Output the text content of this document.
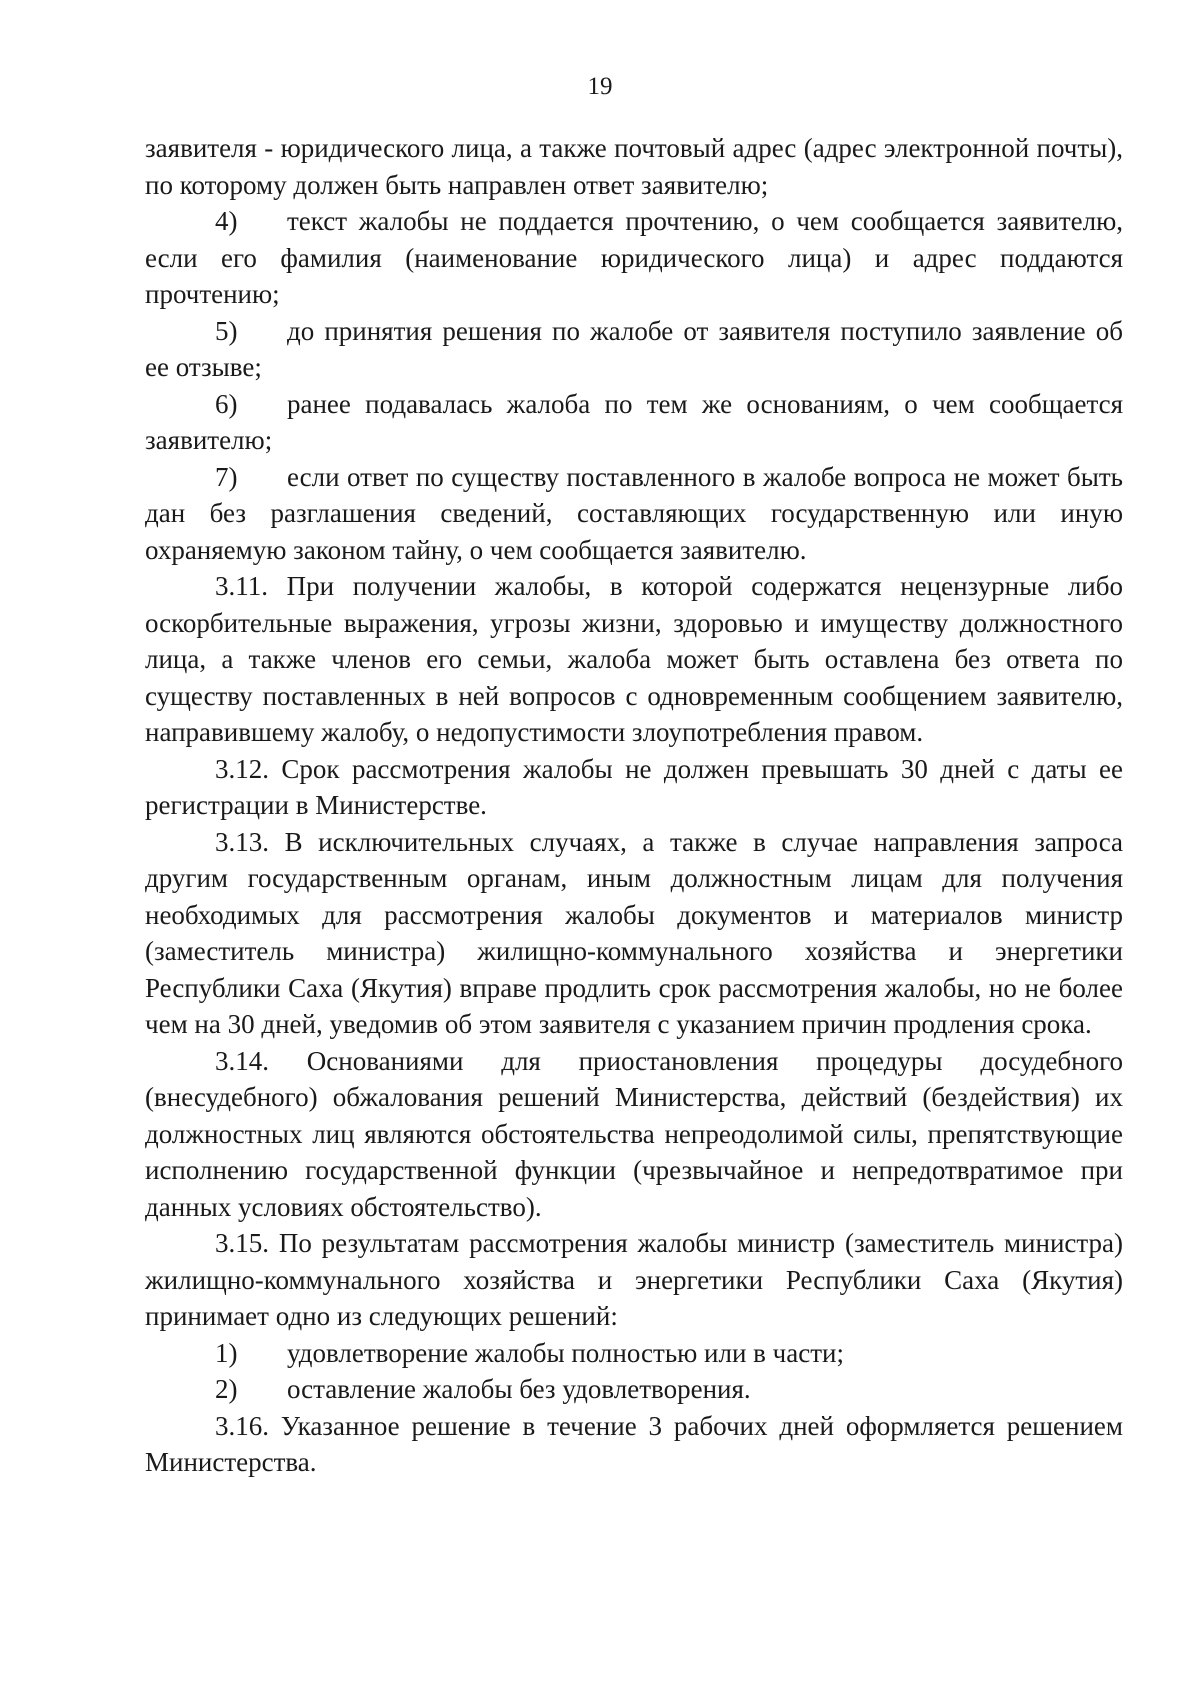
19

заявителя - юридического лица, а также почтовый адрес (адрес электронной почты), по которому должен быть направлен ответ заявителю;

4) текст жалобы не поддается прочтению, о чем сообщается заявителю, если его фамилия (наименование юридического лица) и адрес поддаются прочтению;

5) до принятия решения по жалобе от заявителя поступило заявление об ее отзыве;

6) ранее подавалась жалоба по тем же основаниям, о чем сообщается заявителю;

7) если ответ по существу поставленного в жалобе вопроса не может быть дан без разглашения сведений, составляющих государственную или иную охраняемую законом тайну, о чем сообщается заявителю.

3.11. При получении жалобы, в которой содержатся нецензурные либо оскорбительные выражения, угрозы жизни, здоровью и имуществу должностного лица, а также членов его семьи, жалоба может быть оставлена без ответа по существу поставленных в ней вопросов с одновременным сообщением заявителю, направившему жалобу, о недопустимости злоупотребления правом.

3.12. Срок рассмотрения жалобы не должен превышать 30 дней с даты ее регистрации в Министерстве.

3.13. В исключительных случаях, а также в случае направления запроса другим государственным органам, иным должностным лицам для получения необходимых для рассмотрения жалобы документов и материалов министр (заместитель министра) жилищно-коммунального хозяйства и энергетики Республики Саха (Якутия) вправе продлить срок рассмотрения жалобы, но не более чем на 30 дней, уведомив об этом заявителя с указанием причин продления срока.

3.14. Основаниями для приостановления процедуры досудебного (внесудебного) обжалования решений Министерства, действий (бездействия) их должностных лиц являются обстоятельства непреодолимой силы, препятствующие исполнению государственной функции (чрезвычайное и непредотвратимое при данных условиях обстоятельство).

3.15. По результатам рассмотрения жалобы министр (заместитель министра) жилищно-коммунального хозяйства и энергетики Республики Саха (Якутия) принимает одно из следующих решений:

1) удовлетворение жалобы полностью или в части;

2) оставление жалобы без удовлетворения.

3.16. Указанное решение в течение 3 рабочих дней оформляется решением Министерства.
